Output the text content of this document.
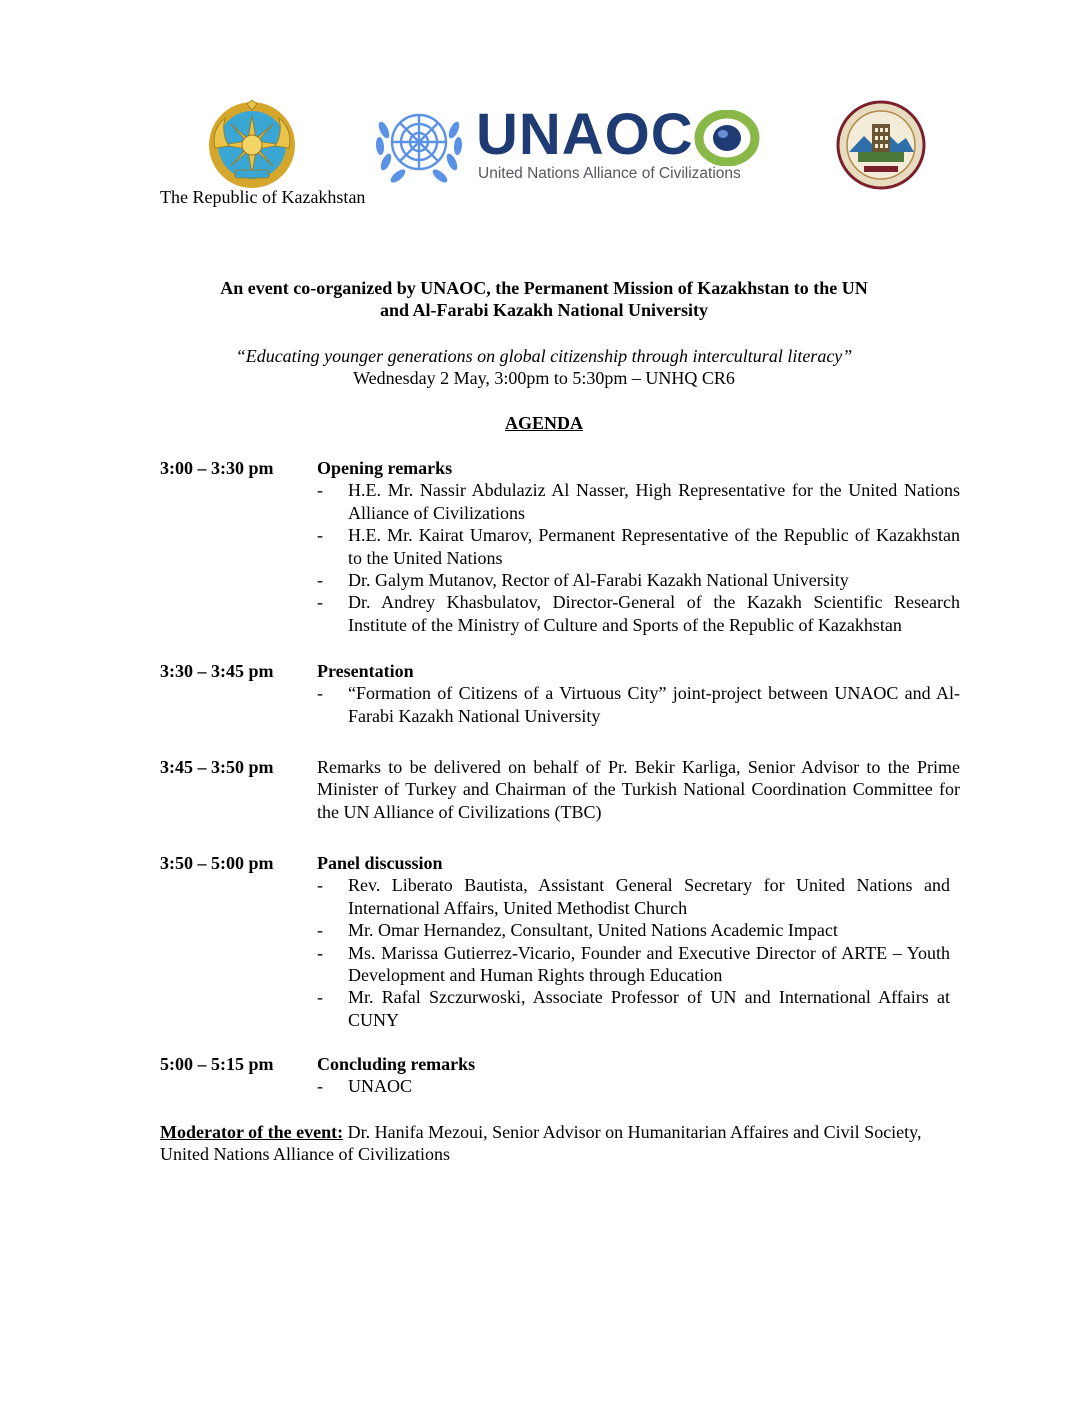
UNAOC
United Nations Alliance of Civilizations
The Republic of Kazakhstan
An event co-organized by UNAOC, the Permanent Mission of Kazakhstan to the UN
and Al-Farabi Kazakh National University
“Educating younger generations on global citizenship through intercultural literacy”
Wednesday 2 May, 3:00pm to 5:30pm – UNHQ CR6
AGENDA
3:00 – 3:30 pm Opening remarks
- H.E. Mr. Nassir Abdulaziz Al Nasser, High Representative for the United Nations Alliance of Civilizations
- H.E. Mr. Kairat Umarov, Permanent Representative of the Republic of Kazakhstan to the United Nations
- Dr. Galym Mutanov, Rector of Al-Farabi Kazakh National University
- Dr. Andrey Khasbulatov, Director-General of the Kazakh Scientific Research Institute of the Ministry of Culture and Sports of the Republic of Kazakhstan
3:30 – 3:45 pm Presentation
- “Formation of Citizens of a Virtuous City” joint-project between UNAOC and Al-Farabi Kazakh National University
3:45 – 3:50 pm Remarks to be delivered on behalf of Pr. Bekir Karliga, Senior Advisor to the Prime Minister of Turkey and Chairman of the Turkish National Coordination Committee for the UN Alliance of Civilizations (TBC)
3:50 – 5:00 pm Panel discussion
- Rev. Liberato Bautista, Assistant General Secretary for United Nations and International Affairs, United Methodist Church
- Mr. Omar Hernandez, Consultant, United Nations Academic Impact
- Ms. Marissa Gutierrez-Vicario, Founder and Executive Director of ARTE – Youth Development and Human Rights through Education
- Mr. Rafal Szczurwoski, Associate Professor of UN and International Affairs at CUNY
5:00 – 5:15 pm Concluding remarks
- UNAOC
Moderator of the event: Dr. Hanifa Mezoui, Senior Advisor on Humanitarian Affaires and Civil Society, United Nations Alliance of Civilizations
